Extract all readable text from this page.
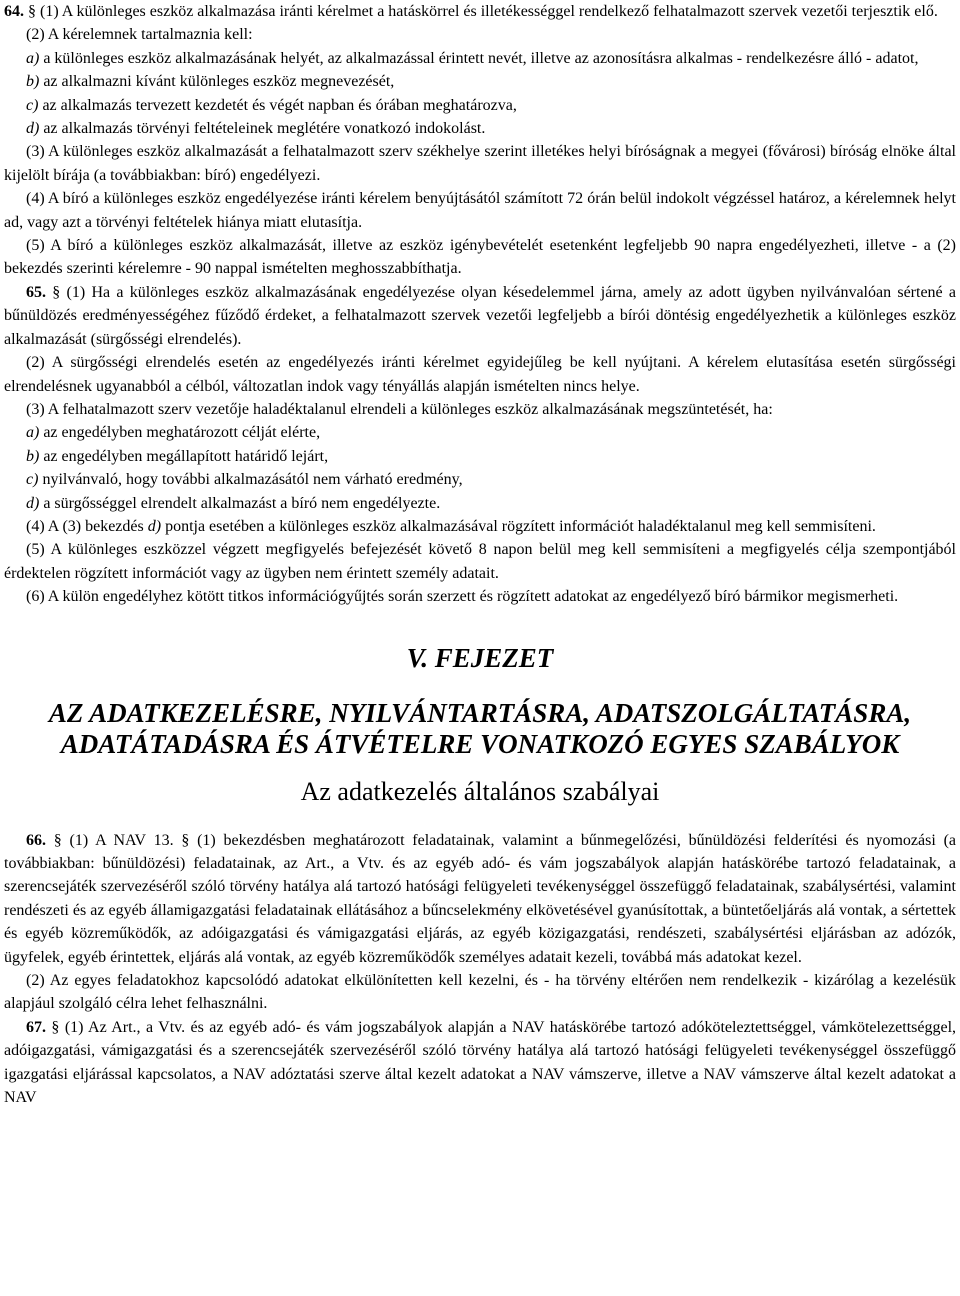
64. § (1) A különleges eszköz alkalmazása iránti kérelmet a hatáskörrel és illetékességgel rendelkező felhatalmazott szervek vezetői terjesztik elő.

(2) A kérelemnek tartalmaznia kell:

a) a különleges eszköz alkalmazásának helyét, az alkalmazással érintett nevét, illetve az azonosításra alkalmas - rendelkezésre álló - adatot,

b) az alkalmazni kívánt különleges eszköz megnevezését,

c) az alkalmazás tervezett kezdetét és végét napban és órában meghatározva,

d) az alkalmazás törvényi feltételeinek meglétére vonatkozó indokolást.

(3) A különleges eszköz alkalmazását a felhatalmazott szerv székhelye szerint illetékes helyi bíróságnak a megyei (fővárosi) bíróság elnöke által kijelölt bírája (a továbbiakban: bíró) engedélyezi.

(4) A bíró a különleges eszköz engedélyezése iránti kérelem benyújtásától számított 72 órán belül indokolt végzéssel határoz, a kérelemnek helyt ad, vagy azt a törvényi feltételek hiánya miatt elutasítja.

(5) A bíró a különleges eszköz alkalmazását, illetve az eszköz igénybevételét esetenként legfeljebb 90 napra engedélyezheti, illetve - a (2) bekezdés szerinti kérelemre - 90 nappal ismételten meghosszabbíthatja.

65. § (1) Ha a különleges eszköz alkalmazásának engedélyezése olyan késedelemmel járna, amely az adott ügyben nyilvánvalóan sértené a bűnüldözés eredményességéhez fűződő érdeket, a felhatalmazott szervek vezetői legfeljebb a bírói döntésig engedélyezhetik a különleges eszköz alkalmazását (sürgősségi elrendelés).

(2) A sürgősségi elrendelés esetén az engedélyezés iránti kérelmet egyidejűleg be kell nyújtani. A kérelem elutasítása esetén sürgősségi elrendelésnek ugyanabból a célból, változatlan indok vagy tényállás alapján ismételten nincs helye.

(3) A felhatalmazott szerv vezetője haladéktalanul elrendeli a különleges eszköz alkalmazásának megszüntetését, ha:

a) az engedélyben meghatározott célját elérte,

b) az engedélyben megállapított határidő lejárt,

c) nyilvánvaló, hogy további alkalmazásától nem várható eredmény,

d) a sürgősséggel elrendelt alkalmazást a bíró nem engedélyezte.

(4) A (3) bekezdés d) pontja esetében a különleges eszköz alkalmazásával rögzített információt haladéktalanul meg kell semmisíteni.

(5) A különleges eszközzel végzett megfigyelés befejezését követő 8 napon belül meg kell semmisíteni a megfigyelés célja szempontjából érdektelen rögzített információt vagy az ügyben nem érintett személy adatait.

(6) A külön engedélyhez kötött titkos információgyűjtés során szerzett és rögzített adatokat az engedélyező bíró bármikor megismerheti.

V. FEJEZET

AZ ADATKEZELÉSRE, NYILVÁNTARTÁSRA, ADATSZOLGÁLTATÁSRA, ADATÁTADÁSRA ÉS ÁTVÉTELRE VONATKOZÓ EGYES SZABÁLYOK

Az adatkezelés általános szabályai

66. § (1) A NAV 13. § (1) bekezdésben meghatározott feladatainak, valamint a bűnmegelőzési, bűnüldözési felderítési és nyomozási (a továbbiakban: bűnüldözési) feladatainak, az Art., a Vtv. és az egyéb adó- és vám jogszabályok alapján hatáskörébe tartozó feladatainak, a szerencsejáték szervezéséről szóló törvény hatálya alá tartozó hatósági felügyeleti tevékenységgel összefüggő feladatainak, szabálysértési, valamint rendészeti és az egyéb államigazgatási feladatainak ellátásához a bűncselekmény elkövetésével gyanúsítottak, a büntetőeljárás alá vontak, a sértettek és egyéb közreműködők, az adóigazgatási és vámigazgatási eljárás, az egyéb közigazgatási, rendészeti, szabálysértési eljárásban az adózók, ügyfelek, egyéb érintettek, eljárás alá vontak, az egyéb közreműködők személyes adatait kezeli, továbbá más adatokat kezel.

(2) Az egyes feladatokhoz kapcsolódó adatokat elkülönítetten kell kezelni, és - ha törvény eltérően nem rendelkezik - kizárólag a kezelésük alapjául szolgáló célra lehet felhasználni.

67. § (1) Az Art., a Vtv. és az egyéb adó- és vám jogszabályok alapján a NAV hatáskörébe tartozó adóköteleztettséggel, vámkötelezettséggel, adóigazgatási, vámigazgatási és a szerencsejáték szervezéséről szóló törvény hatálya alá tartozó hatósági felügyeleti tevékenységgel összefüggő igazgatási eljárással kapcsolatos, a NAV adóztatási szerve által kezelt adatokat a NAV vámszerve, illetve a NAV vámszerve által kezelt adatokat a NAV
